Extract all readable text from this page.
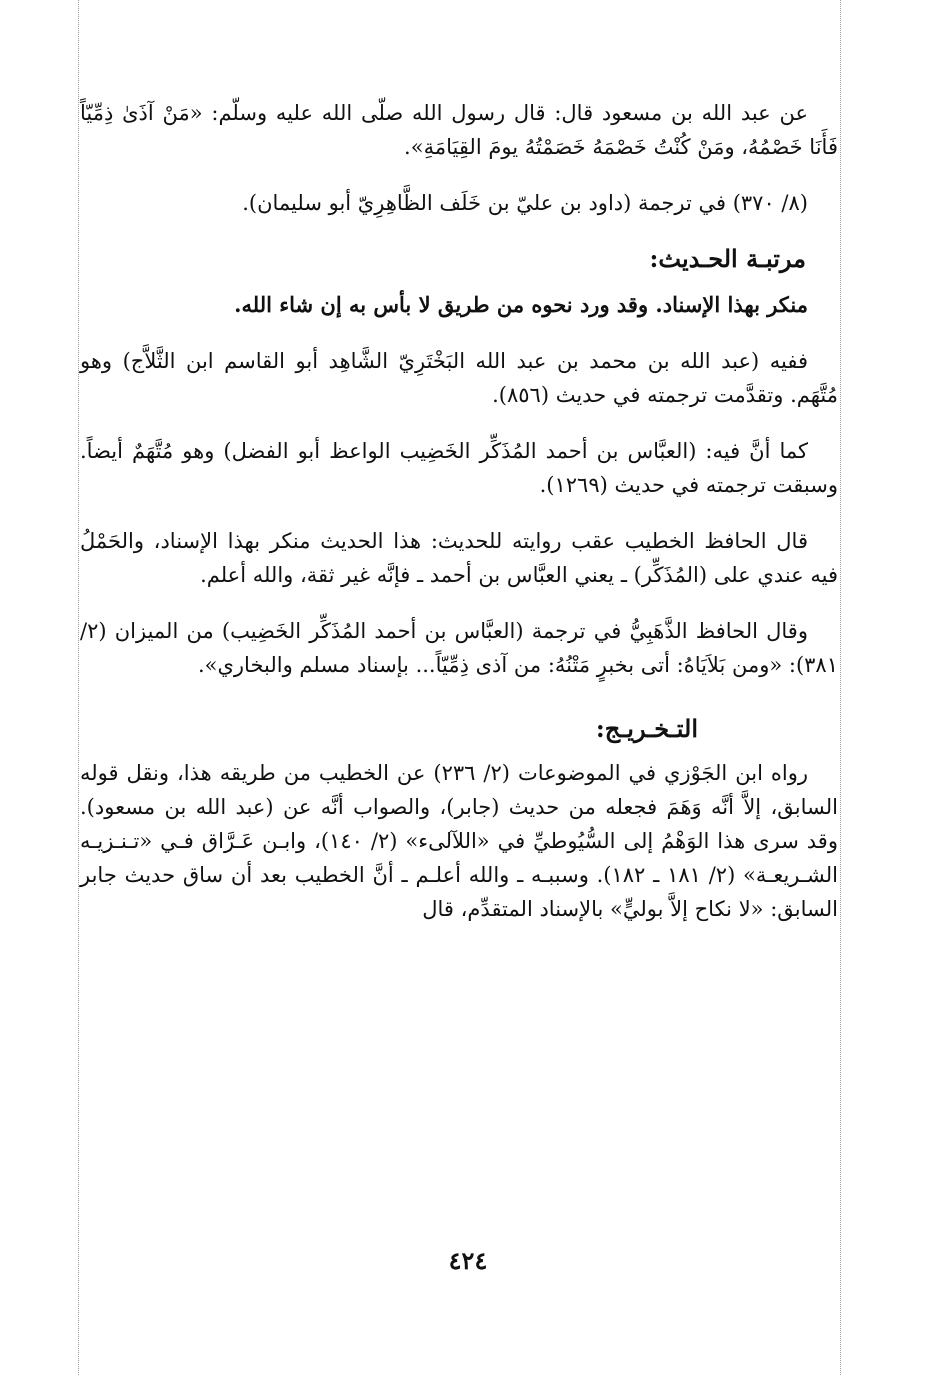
عن عبد الله بن مسعود قال: قال رسول الله صلّى الله عليه وسلّم: «مَنْ آذَىٰ ذِمِّيّاً فَأَنَا خَصْمُهُ، ومَنْ كُنْتُ خَصْمَهُ خَصَمْتُهُ يومَ القِيَامَةِ».

(٨/ ٣٧٠) في ترجمة (داود بن عليّ بن خَلَف الظَّاهِرِيّ أبو سليمان).

مرتبـة الحـديث:

منكر بهذا الإسناد. وقد ورد نحوه من طريق لا بأس به إن شاء الله.

ففيه (عبد الله بن محمد بن عبد الله البَخْتَرِيّ الشَّاهِد أبو القاسم ابن الثَّلاَّج) وهو مُتَّهَم. وتقدَّمت ترجمته في حديث (٨٥٦).

كما أنَّ فيه: (العبَّاس بن أحمد المُذَكِّر الخَضِيب الواعظ أبو الفضل) وهو مُتَّهَمٌ أيضاً. وسبقت ترجمته في حديث (١٢٦٩).

قال الحافظ الخطيب عقب روايته للحديث: هذا الحديث منكر بهذا الإسناد، والحَمْلُ فيه عندي على (المُذَكِّر) ـ يعني العبَّاس بن أحمد ـ فإنَّه غير ثقة، والله أعلم.

وقال الحافظ الذَّهَبِيُّ في ترجمة (العبَّاس بن أحمد المُذَكِّر الخَضِيب) من الميزان (٢/ ٣٨١): «ومن بَلاَيَاهُ: أتى بخبرٍ مَتْنُهُ: من آذى ذِمِّيّاً... بإسناد مسلم والبخاري».

التـخـريـج:

رواه ابن الجَوْزي في الموضوعات (٢/ ٢٣٦) عن الخطيب من طريقه هذا، ونقل قوله السابق، إلاَّ أنَّه وَهَمَ فجعله من حديث (جابر)، والصواب أنَّه عن (عبد الله بن مسعود). وقد سرى هذا الوَهْمُ إلى السُّيُوطيِّ في «اللآلىء» (٢/ ١٤٠)، وابـن عَـرَّاق فـي «تـنـزيـه الشـريعـة» (٢/ ١٨١ ـ ١٨٢). وسببـه ـ والله أعلـم ـ أنَّ الخطيب بعد أن ساق حديث جابر السابق: «لا نكاح إلاَّ بوليٍّ» بالإسناد المتقدِّم، قال

٤٢٤
